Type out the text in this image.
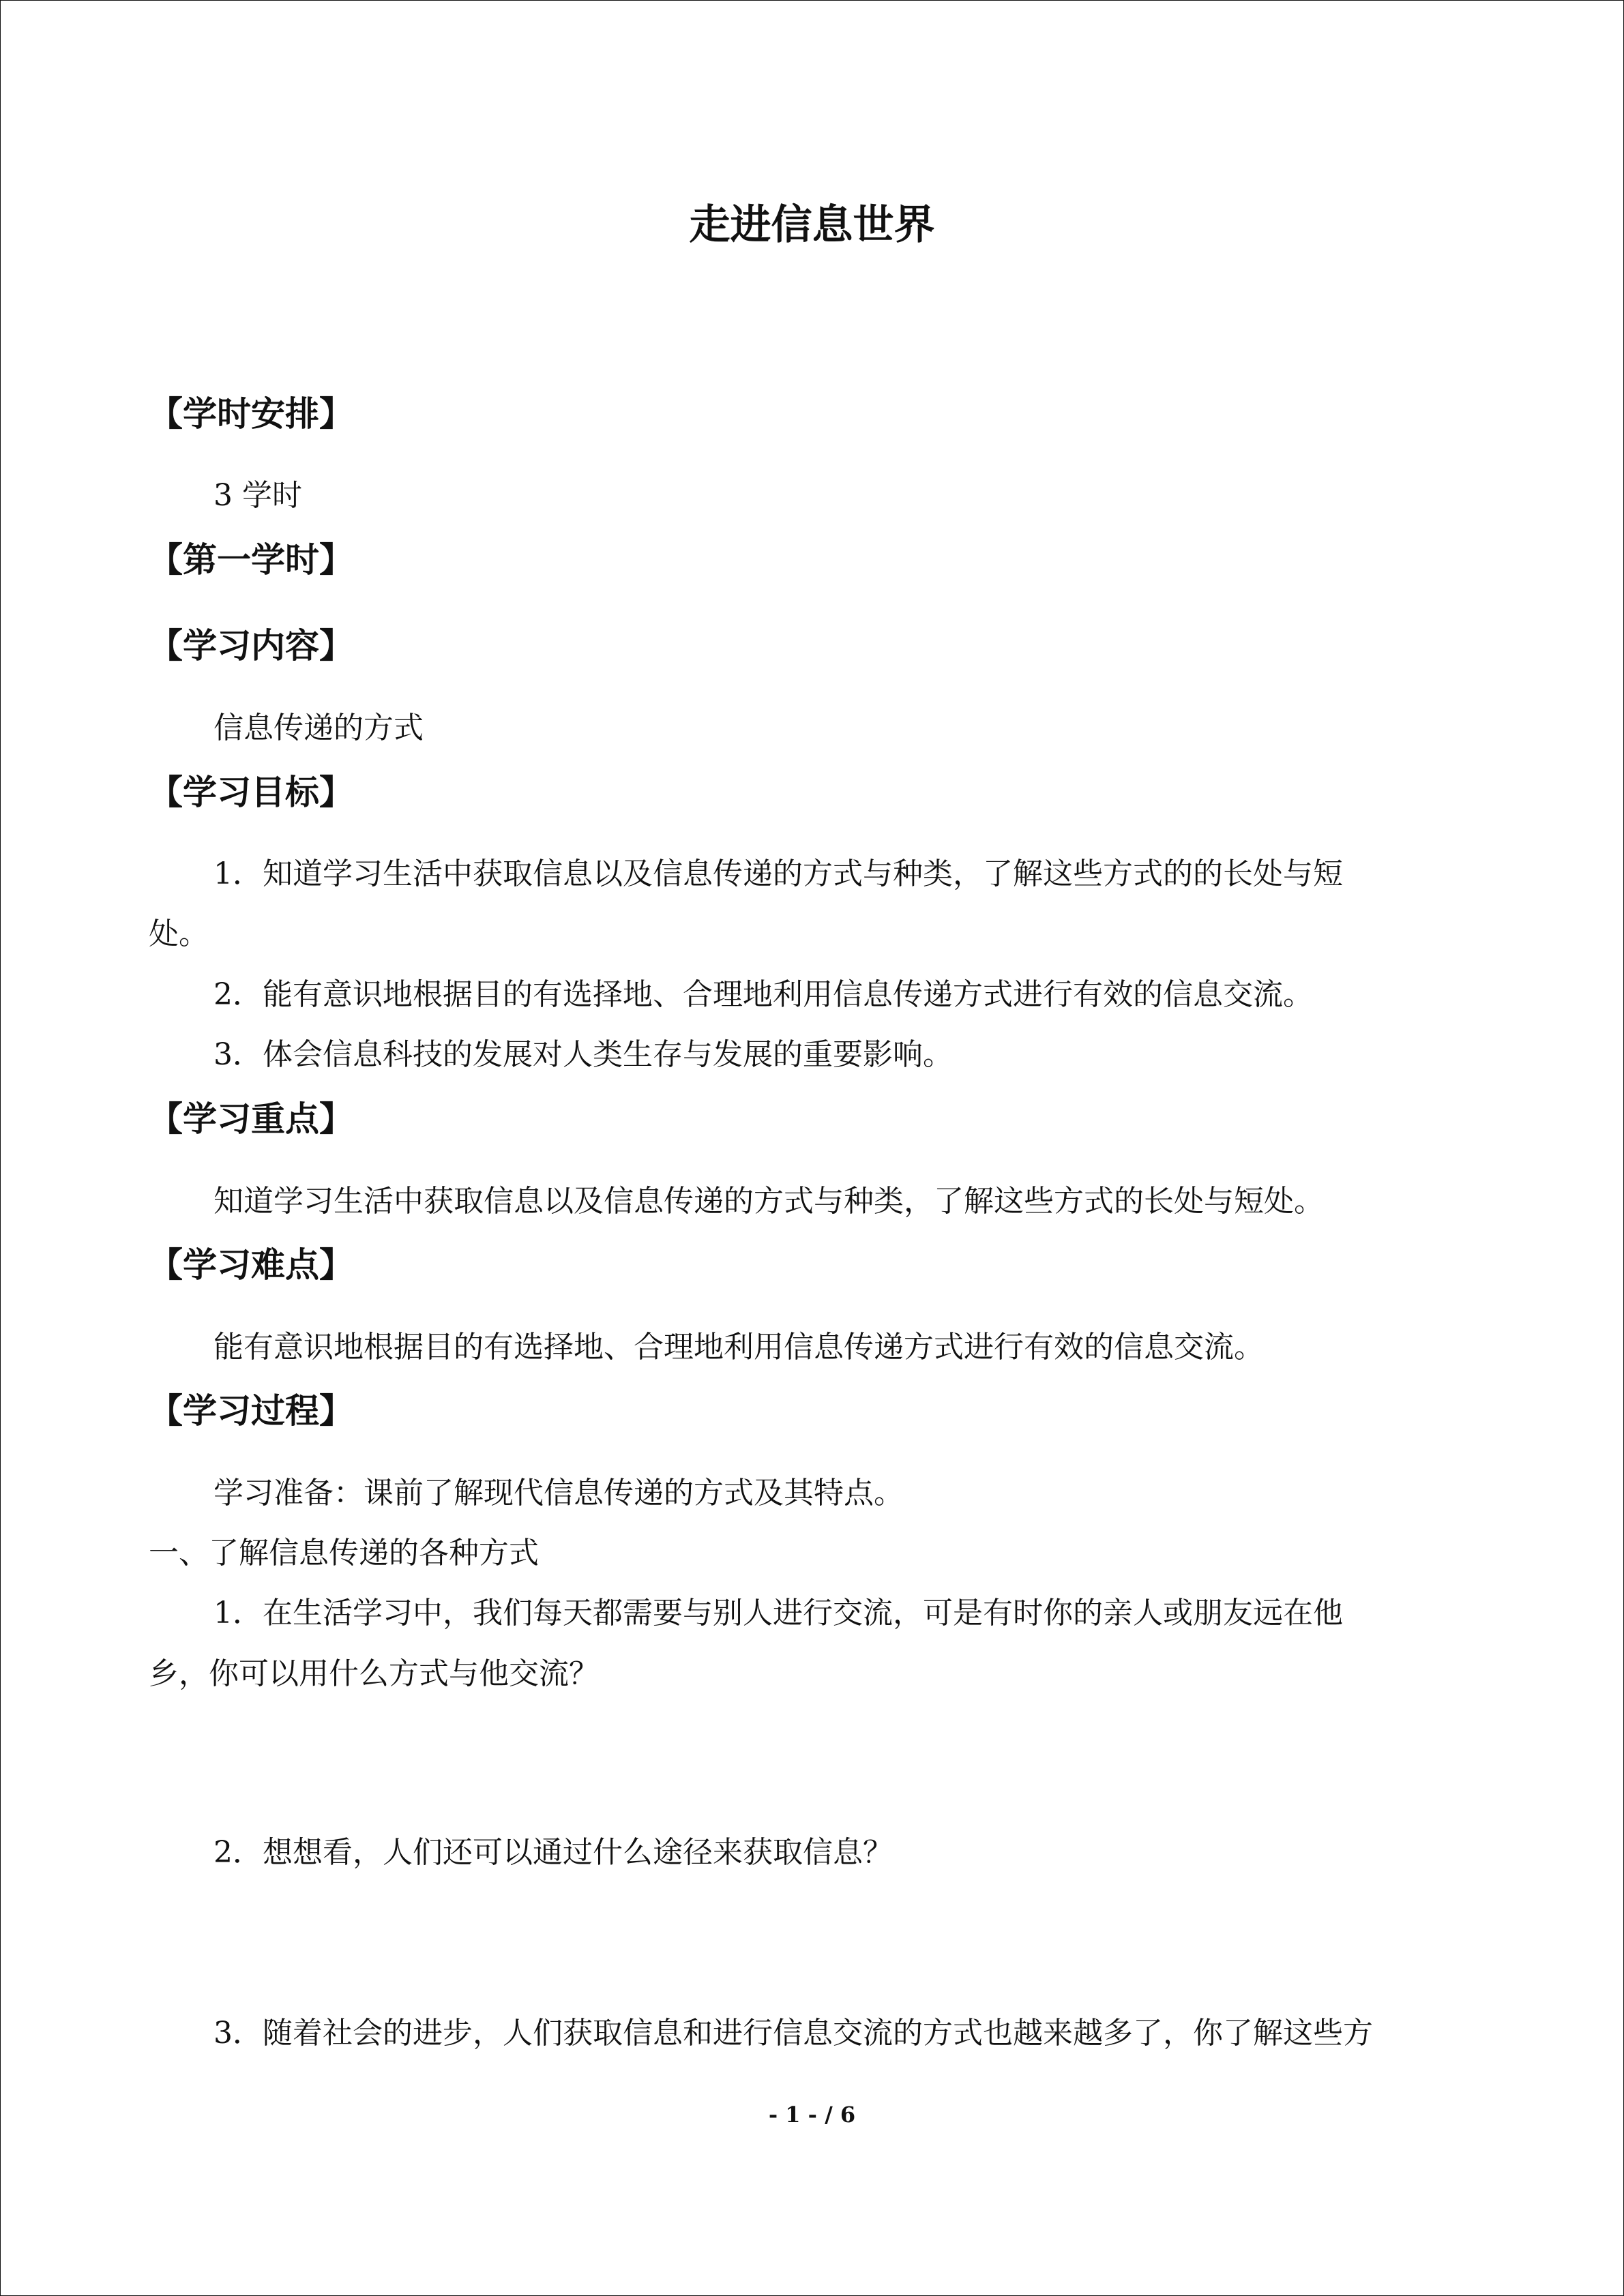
走进信息世界
【学时安排】
3 学时
【第一学时】
【学习内容】
信息传递的方式
【学习目标】
1．知道学习生活中获取信息以及信息传递的方式与种类，了解这些方式的的长处与短
处。
2．能有意识地根据目的有选择地、合理地利用信息传递方式进行有效的信息交流。
3．体会信息科技的发展对人类生存与发展的重要影响。
【学习重点】
知道学习生活中获取信息以及信息传递的方式与种类，了解这些方式的长处与短处。
【学习难点】
能有意识地根据目的有选择地、合理地利用信息传递方式进行有效的信息交流。
【学习过程】
学习准备：课前了解现代信息传递的方式及其特点。
一、了解信息传递的各种方式
1．在生活学习中，我们每天都需要与别人进行交流，可是有时你的亲人或朋友远在他
乡，你可以用什么方式与他交流？
2．想想看，人们还可以通过什么途径来获取信息？
3．随着社会的进步，人们获取信息和进行信息交流的方式也越来越多了，你了解这些方
- 1 - / 6
